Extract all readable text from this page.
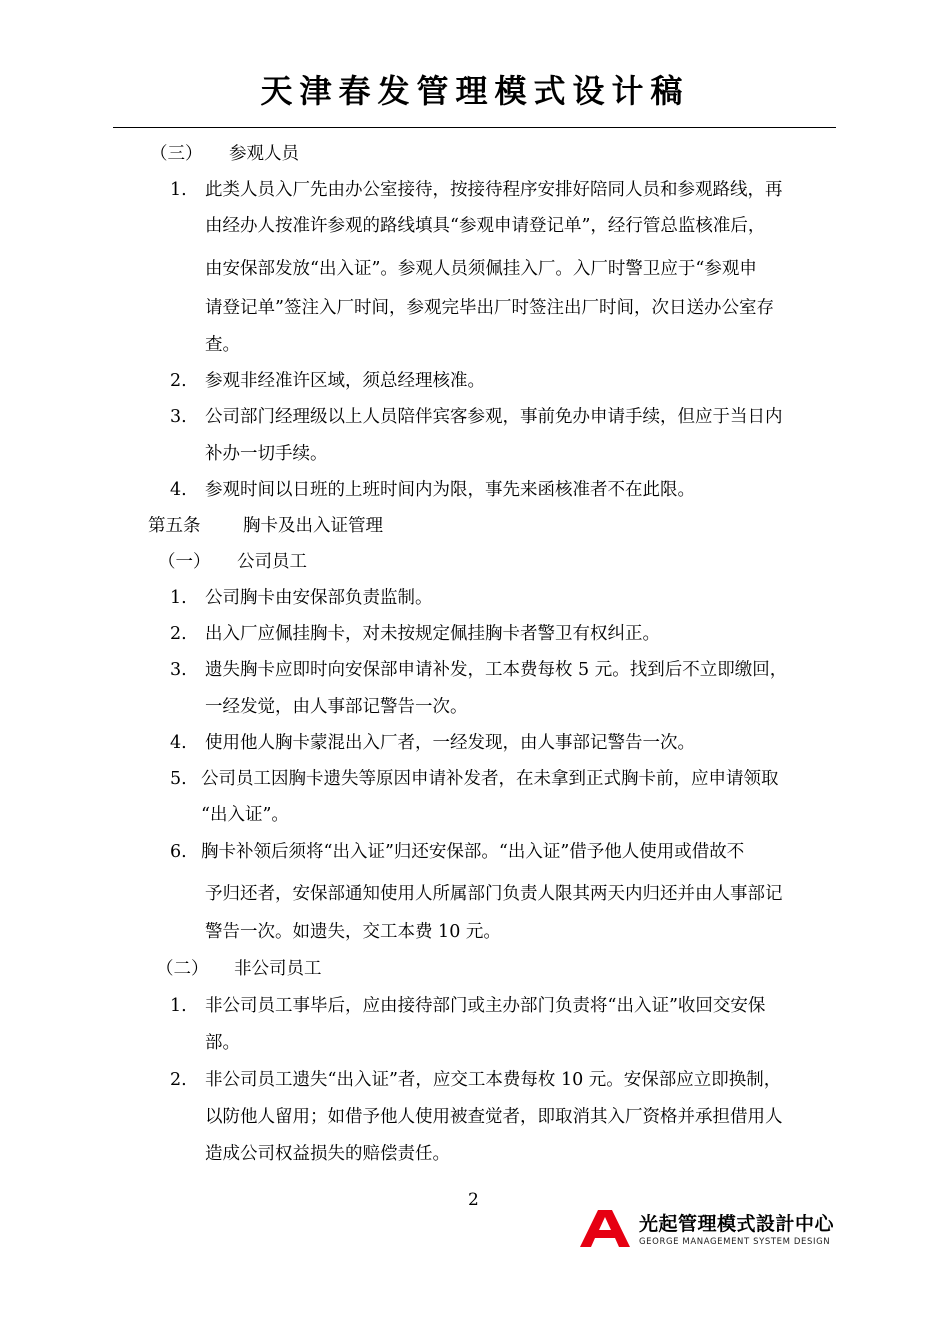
天津春发管理模式设计稿
（三） 参观人员
1. 此类人员入厂先由办公室接待，按接待程序安排好陪同人员和参观路线，再
由经办人按准许参观的路线填具“参观申请登记单”，经行管总监核准后，
由安保部发放“出入证”。参观人员须佩挂入厂。入厂时警卫应于“参观申
请登记单”签注入厂时间，参观完毕出厂时签注出厂时间，次日送办公室存
查。
2. 参观非经准许区域，须总经理核准。
3. 公司部门经理级以上人员陪伴宾客参观，事前免办申请手续，但应于当日内
补办一切手续。
4. 参观时间以日班的上班时间内为限，事先来函核准者不在此限。
第五条 胸卡及出入证管理
（一） 公司员工
1. 公司胸卡由安保部负责监制。
2. 出入厂应佩挂胸卡，对未按规定佩挂胸卡者警卫有权纠正。
3. 遗失胸卡应即时向安保部申请补发，工本费每枚 5 元。找到后不立即缴回，
一经发觉，由人事部记警告一次。
4. 使用他人胸卡蒙混出入厂者，一经发现，由人事部记警告一次。
5. 公司员工因胸卡遗失等原因申请补发者，在未拿到正式胸卡前，应申请领取
“出入证”。
6. 胸卡补领后须将“出入证”归还安保部。“出入证”借予他人使用或借故不
予归还者，安保部通知使用人所属部门负责人限其两天内归还并由人事部记
警告一次。如遗失，交工本费 10 元。
（二） 非公司员工
1. 非公司员工事毕后，应由接待部门或主办部门负责将“出入证”收回交安保
部。
2. 非公司员工遗失“出入证”者，应交工本费每枚 10 元。安保部应立即换制，
以防他人留用；如借予他人使用被查觉者，即取消其入厂资格并承担借用人
造成公司权益损失的赔偿责任。
2
光起管理模式設計中心
GEORGE MANAGEMENT SYSTEM DESIGN
